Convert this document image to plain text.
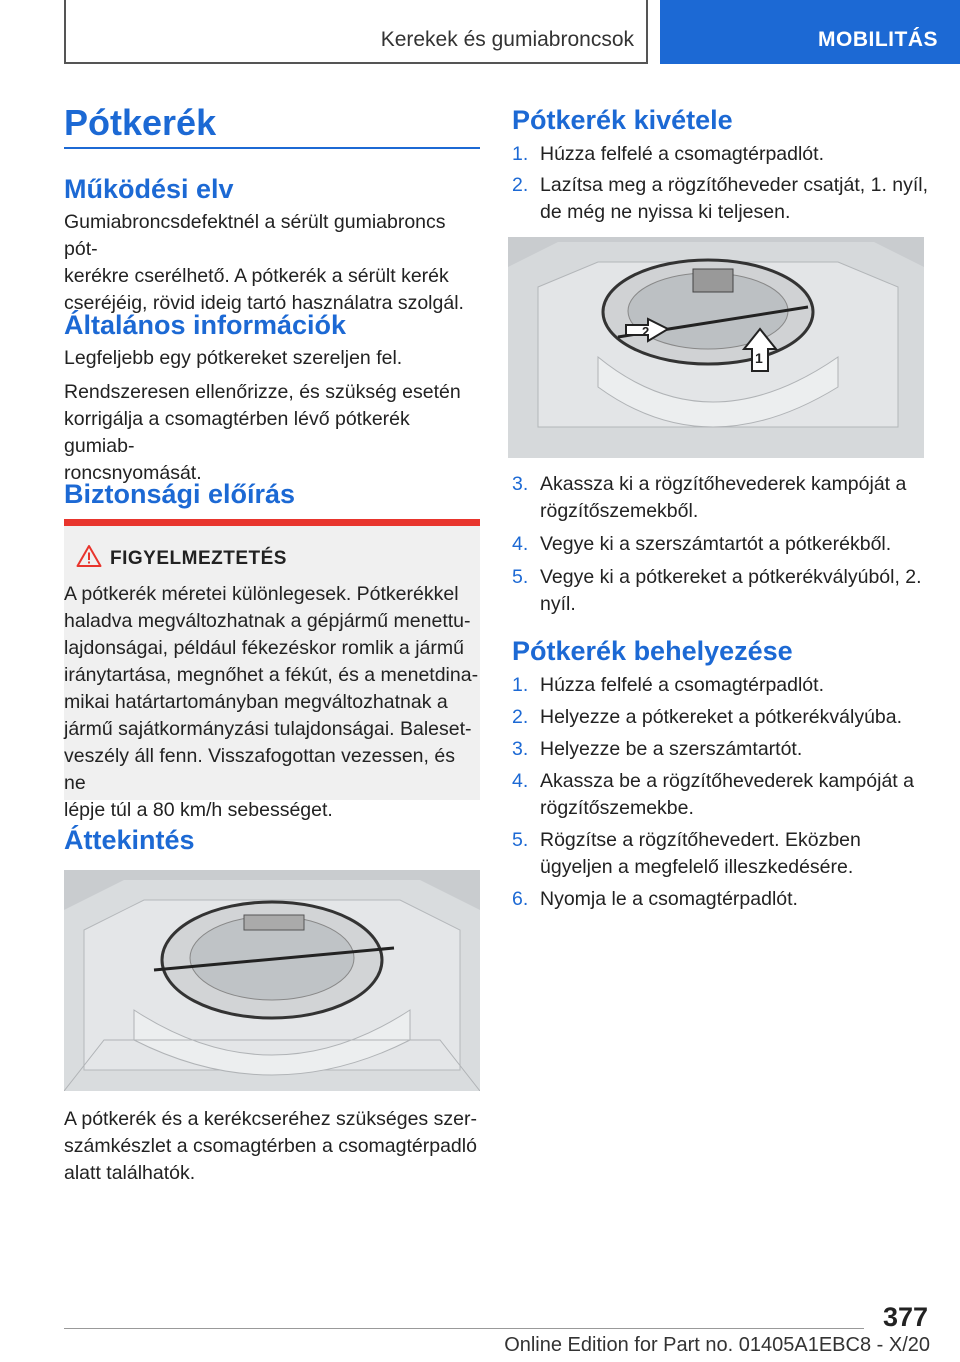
Kerekek és gumiabroncsok	MOBILITÁS
Pótkerék
Működési elv
Gumiabroncsdefektnél a sérült gumiabroncs pót‐
kerékre cserélhető. A pótkerék a sérült kerék
cseréjéig, rövid ideig tartó használatra szolgál.
Általános információk
Legfeljebb egy pótkereket szereljen fel.
Rendszeresen ellenőrizze, és szükség esetén
korrigálja a csomagtérben lévő pótkerék gumiab‐
roncsnyomását.
Biztonsági előírás
FIGYELMEZTETÉS
A pótkerék méretei különlegesek. Pótkerékkel
haladva megváltozhatnak a gépjármű menettu‐
lajdonságai, például fékezéskor romlik a jármű
iránytartása, megnőhet a fékút, és a menetdina‐
mikai határtartományban megváltozhatnak a
jármű sajátkormányzási tulajdonságai. Baleset‐
veszély áll fenn. Visszafogottan vezessen, és ne
lépje túl a 80 km/h sebességet.
Áttekintés
A pótkerék és a kerékcseréhez szükséges szer‐
számkészlet a csomagtérben a csomagtérpadló
alatt találhatók.
Pótkerék kivétele
1. Húzza felfelé a csomagtérpadlót.
2. Lazítsa meg a rögzítőheveder csatját, 1. nyíl, de még ne nyissa ki teljesen.
2
1
3. Akassza ki a rögzítőhevederek kampóját a rögzítőszemekből.
4. Vegye ki a szerszámtartót a pótkerékből.
5. Vegye ki a pótkereket a pótkerékvályúból, 2. nyíl.
Pótkerék behelyezése
1. Húzza felfelé a csomagtérpadlót.
2. Helyezze a pótkereket a pótkerékvályúba.
3. Helyezze be a szerszámtartót.
4. Akassza be a rögzítőhevederek kampóját a rögzítőszemekbe.
5. Rögzítse a rögzítőhevedert. Eközben ügyeljen a megfelelő illeszkedésére.
6. Nyomja le a csomagtérpadlót.
377
Online Edition for Part no. 01405A1EBC8 - X/20
